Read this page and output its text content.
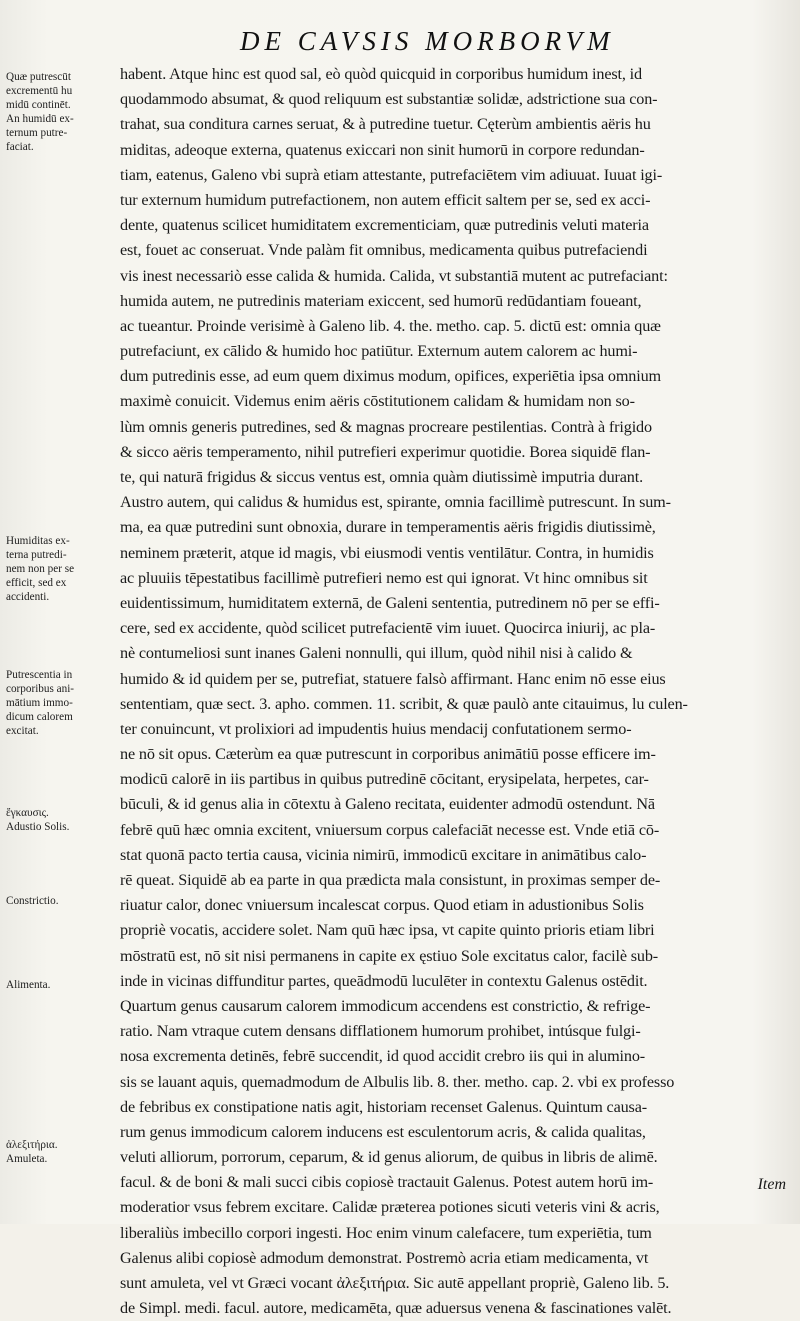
DE CAVSIS MORBORVM
Quæ putrescūt
excrementū hu
midū continēt.
An humidū ex-
ternum putre-
faciat.
Humiditas ex-
terna putredi-
nem non per se
efficit, sed ex
accidenti.
Putrescentia in
corporibus ani-
mātium immo-
dicum calorem
excitat.
ἔγκαυσις.
Adustio Solis.
Constrictio.
Alimenta.
ἀλεξιτήρια.
Amuleta.
habent. Atque hinc est quod sal, eò quòd quicquid in corporibus humidum inest, id
quodammodo absumat, & quod reliquum est substantiæ solidæ, adstrictione sua con-
trahat, sua conditura carnes seruat, & à putredine tuetur. Cęterùm ambientis aëris hu
miditas, adeoque externa, quatenus exiccari non sinit humorū in corpore redundan-
tiam, eatenus, Galeno vbi suprà etiam attestante, putrefaciētem vim adiuuat. Iuuat igi-
tur externum humidum putrefactionem, non autem efficit saltem per se, sed ex acci-
dente, quatenus scilicet humiditatem excrementiciam, quæ putredinis veluti materia
est, fouet ac conseruat. Vnde palàm fit omnibus, medicamenta quibus putrefaciendi
vis inest necessariò esse calida & humida. Calida, vt substantiā mutent ac putrefaciant:
humida autem, ne putredinis materiam exiccent, sed humorū redūdantiam foueant,
ac tueantur. Proinde verisimè à Galeno lib. 4. the. metho. cap. 5. dictū est: omnia quæ
putrefaciunt, ex cālido & humido hoc patiūtur. Externum autem calorem ac humi-
dum putredinis esse, ad eum quem diximus modum, opifices, experiētia ipsa omnium
maximè conuicit. Videmus enim aëris cōstitutionem calidam & humidam non so-
lùm omnis generis putredines, sed & magnas procreare pestilentias. Contrà à frigido
& sicco aëris temperamento, nihil putrefieri experimur quotidie. Borea siquidē flan-
te, qui naturā frigidus & siccus ventus est, omnia quàm diutissimè imputria durant.
Austro autem, qui calidus & humidus est, spirante, omnia facillimè putrescunt. In sum-
ma, ea quæ putredini sunt obnoxia, durare in temperamentis aëris frigidis diutissimè,
neminem præterit, atque id magis, vbi eiusmodi ventis ventilātur. Contra, in humidis
ac pluuiis tēpestatibus facillimè putrefieri nemo est qui ignorat. Vt hinc omnibus sit
euidentissimum, humiditatem externā, de Galeni sententia, putredinem nō per se effi-
cere, sed ex accidente, quòd scilicet putrefacientē vim iuuet. Quocirca iniurij, ac pla-
nè contumeliosi sunt inanes Galeni nonnulli, qui illum, quòd nihil nisi à calido &
humido & id quidem per se, putrefiat, statuere falsò affirmant. Hanc enim nō esse eius
sententiam, quæ sect. 3. apho. commen. 11. scribit, & quæ paulò ante citauimus, lu culen-
ter conuincunt, vt prolixiori ad impudentis huius mendacij confutationem sermo-
ne nō sit opus. Cæterùm ea quæ putrescunt in corporibus animātiū posse efficere im-
modicū calorē in iis partibus in quibus putredinē cōcitant, erysipelata, herpetes, car-
būculi, & id genus alia in cōtextu à Galeno recitata, euidenter admodū ostendunt. Nā
febrē quū hæc omnia excitent, vniuersum corpus calefaciāt necesse est. Vnde etiā cō-
stat quonā pacto tertia causa, vicinia nimirū, immodicū excitare in animātibus calo-
rē queat. Siquidē ab ea parte in qua prædicta mala consistunt, in proximas semper de-
riuatur calor, donec vniuersum incalescat corpus. Quod etiam in adustionibus Solis
propriè vocatis, accidere solet. Nam quū hæc ipsa, vt capite quinto prioris etiam libri
mōstratū est, nō sit nisi permanens in capite ex ęstiuo Sole excitatus calor, facilè sub-
inde in vicinas diffunditur partes, queādmodū luculēter in contextu Galenus ostēdit.
Quartum genus causarum calorem immodicum accendens est constrictio, & refrige-
ratio. Nam vtraque cutem densans difflationem humorum prohibet, intúsque fulgi-
nosa excrementa detinēs, febrē succendit, id quod accidit crebro iis qui in alumino-
sis se lauant aquis, quemadmodum de Albulis lib. 8. ther. metho. cap. 2. vbi ex professo
de febribus ex constipatione natis agit, historiam recenset Galenus. Quintum causa-
rum genus immodicum calorem inducens est esculentorum acris, & calida qualitas,
veluti alliorum, porrorum, ceparum, & id genus aliorum, de quibus in libris de alimē.
facul. & de boni & mali succi cibis copiosè tractauit Galenus. Potest autem horū im-
moderatior vsus febrem excitare. Calidæ præterea potiones sicuti veteris vini & acris,
liberaliùs imbecillo corpori ingesti. Hoc enim vinum calefacere, tum experiētia, tum
Galenus alibi copiosè admodum demonstrat. Postremò acria etiam medicamenta, vt
sunt amuleta, vel vt Græci vocant ἀλεξιτήρια. Sic autē appellant propriè, Galeno lib. 5.
de Simpl. medi. facul. autore, medicamēta, quæ aduersus venena & fascinationes valēt.
Item
